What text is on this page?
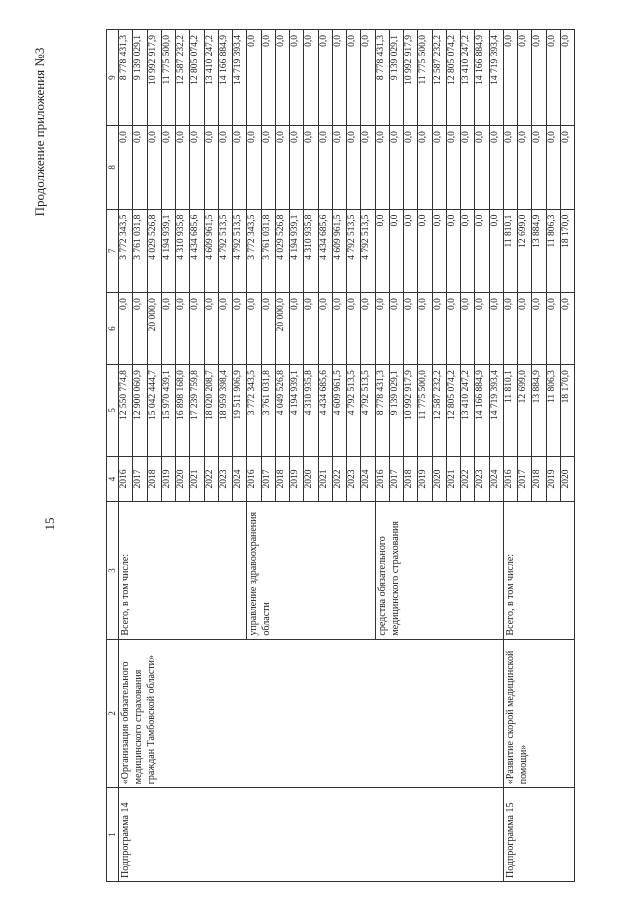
15
Продолжение приложения №3
1	2	3	4	5	6	7	8	9
Подпрограмма 14	«Организация обязательного медицинского страхования граждан Тамбовской области»	Всего, в том числе:	2016	12 550 774,8	0,0	3 772 343,5	0,0	8 778 431,3
			2017	12 900 060,9	0,0	3 761 031,8	0,0	9 139 029,1
			2018	15 042 444,7	20 000,0	4 029 526,8	0,0	10 992 917,9
			2019	15 970 439,1	0,0	4 194 939,1	0,0	11 775 500,0
			2020	16 898 168,0	0,0	4 310 935,8	0,0	12 587 232,2
			2021	17 239 759,8	0,0	4 434 685,6	0,0	12 805 074,2
			2022	18 020 208,7	0,0	4 609 961,5	0,0	13 410 247,2
			2023	18 959 398,4	0,0	4 792 513,5	0,0	14 166 884,9
			2024	19 511 906,9	0,0	4 792 513,5	0,0	14 719 393,4
		управление здравоохранения области	2016	3 772 343,5	0,0	3 772 343,5	0,0	0,0
			2017	3 761 031,8	0,0	3 761 031,8	0,0	0,0
			2018	4 049 526,8	20 000,0	4 029 526,8	0,0	0,0
			2019	4 194 939,1	0,0	4 194 939,1	0,0	0,0
			2020	4 310 935,8	0,0	4 310 935,8	0,0	0,0
			2021	4 434 685,6	0,0	4 434 685,6	0,0	0,0
			2022	4 609 961,5	0,0	4 609 961,5	0,0	0,0
			2023	4 792 513,5	0,0	4 792 513,5	0,0	0,0
			2024	4 792 513,5	0,0	4 792 513,5	0,0	0,0
		средства обязательного медицинского страхования	2016	8 778 431,3	0,0	0,0	0,0	8 778 431,3
			2017	9 139 029,1	0,0	0,0	0,0	9 139 029,1
			2018	10 992 917,9	0,0	0,0	0,0	10 992 917,9
			2019	11 775 500,0	0,0	0,0	0,0	11 775 500,0
			2020	12 587 232,2	0,0	0,0	0,0	12 587 232,2
			2021	12 805 074,2	0,0	0,0	0,0	12 805 074,2
			2022	13 410 247,2	0,0	0,0	0,0	13 410 247,2
			2023	14 166 884,9	0,0	0,0	0,0	14 166 884,9
			2024	14 719 393,4	0,0	0,0	0,0	14 719 393,4
Подпрограмма 15	«Развитие скорой медицинской помощи»	Всего, в том числе:	2016	11 810,1	0,0	11 810,1	0,0	0,0
			2017	12 699,0	0,0	12 699,0	0,0	0,0
			2018	13 884,9	0,0	13 884,9	0,0	0,0
			2019	11 806,3	0,0	11 806,3	0,0	0,0
			2020	18 170,0	0,0	18 170,0	0,0	0,0
